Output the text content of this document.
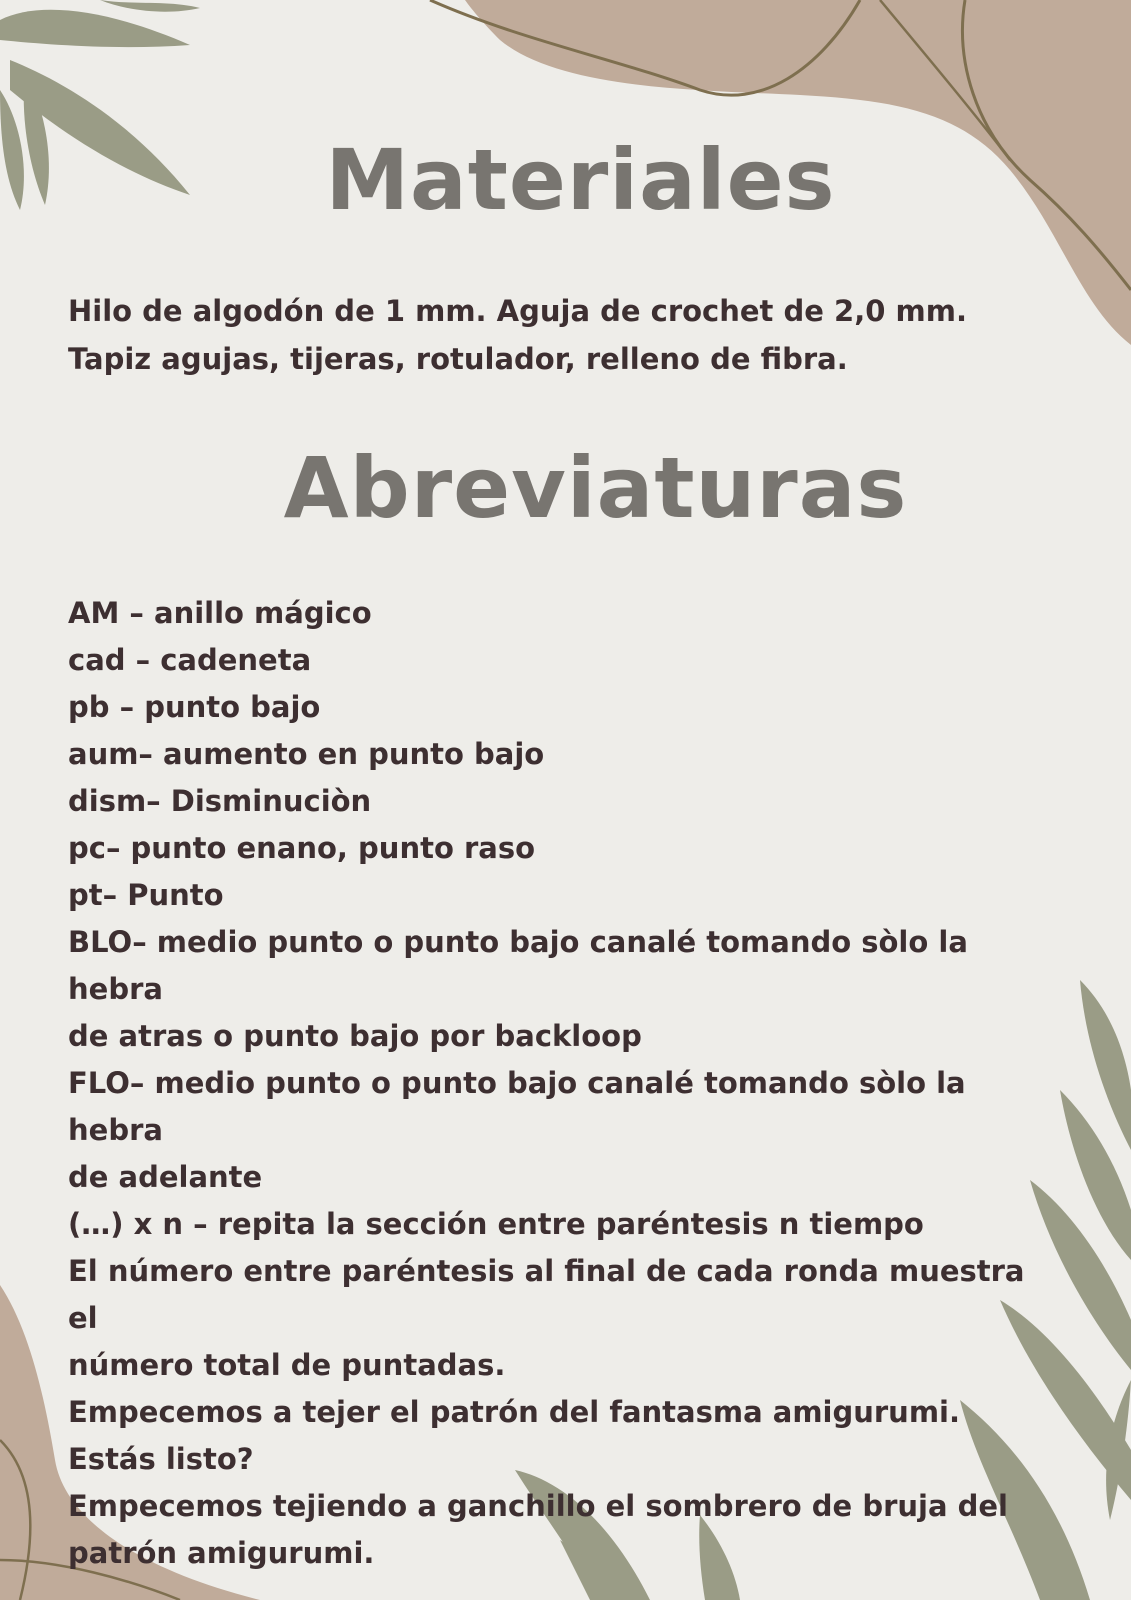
Materiales

Hilo de algodón de 1 mm. Aguja de crochet de 2,0 mm. Tapiz agujas, tijeras, rotulador, relleno de fibra.

Abreviaturas
AM – anillo mágico
cad – cadeneta
pb – punto bajo
aum– aumento en punto bajo
dism– Disminuciòn
pc– punto enano, punto raso
pt– Punto
BLO– medio punto o punto bajo canalé tomando sòlo la hebra
de atras o punto bajo por backloop
FLO– medio punto o punto bajo canalé tomando sòlo la hebra
de adelante
(…) x n – repita la sección entre paréntesis n tiempo
El número entre paréntesis al final de cada ronda muestra el
número total de puntadas.
Empecemos a tejer el patrón del fantasma amigurumi.
Estás listo?
Empecemos tejiendo a ganchillo el sombrero de bruja del
patrón amigurumi.
